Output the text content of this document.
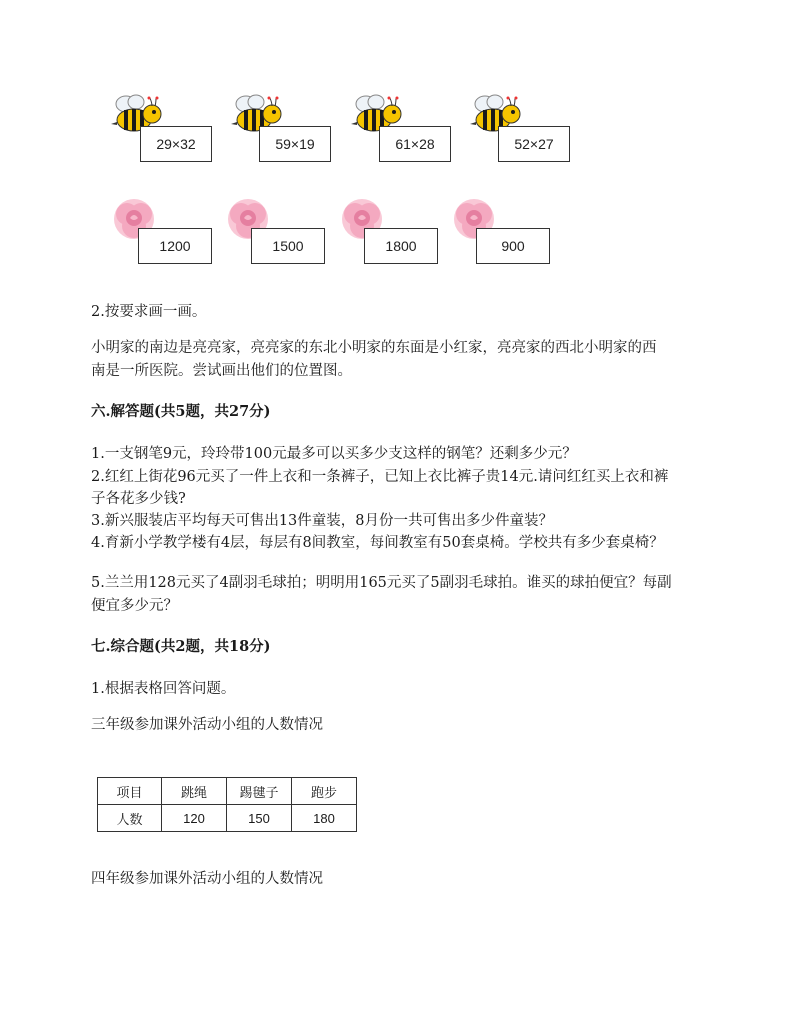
29×32	59×19	61×28	52×27
1200	1500	1800	900
2.按要求画一画。
小明家的南边是亮亮家，亮亮家的东北小明家的东面是小红家，亮亮家的西北小明家的西
南是一所医院。尝试画出他们的位置图。
六.解答题(共5题，共27分)
1.一支钢笔9元，玲玲带100元最多可以买多少支这样的钢笔？还剩多少元？
2.红红上街花96元买了一件上衣和一条裤子，已知上衣比裤子贵14元.请问红红买上衣和裤
子各花多少钱?
3.新兴服装店平均每天可售出13件童装，8月份一共可售出多少件童装？
4.育新小学教学楼有4层，每层有8间教室，每间教室有50套桌椅。学校共有多少套桌椅？
5.兰兰用128元买了4副羽毛球拍；明明用165元买了5副羽毛球拍。谁买的球拍便宜？每副
便宜多少元？
七.综合题(共2题，共18分)
1.根据表格回答问题。
三年级参加课外活动小组的人数情况
项目	跳绳	踢毽子	跑步
人数	120	150	180
四年级参加课外活动小组的人数情况
